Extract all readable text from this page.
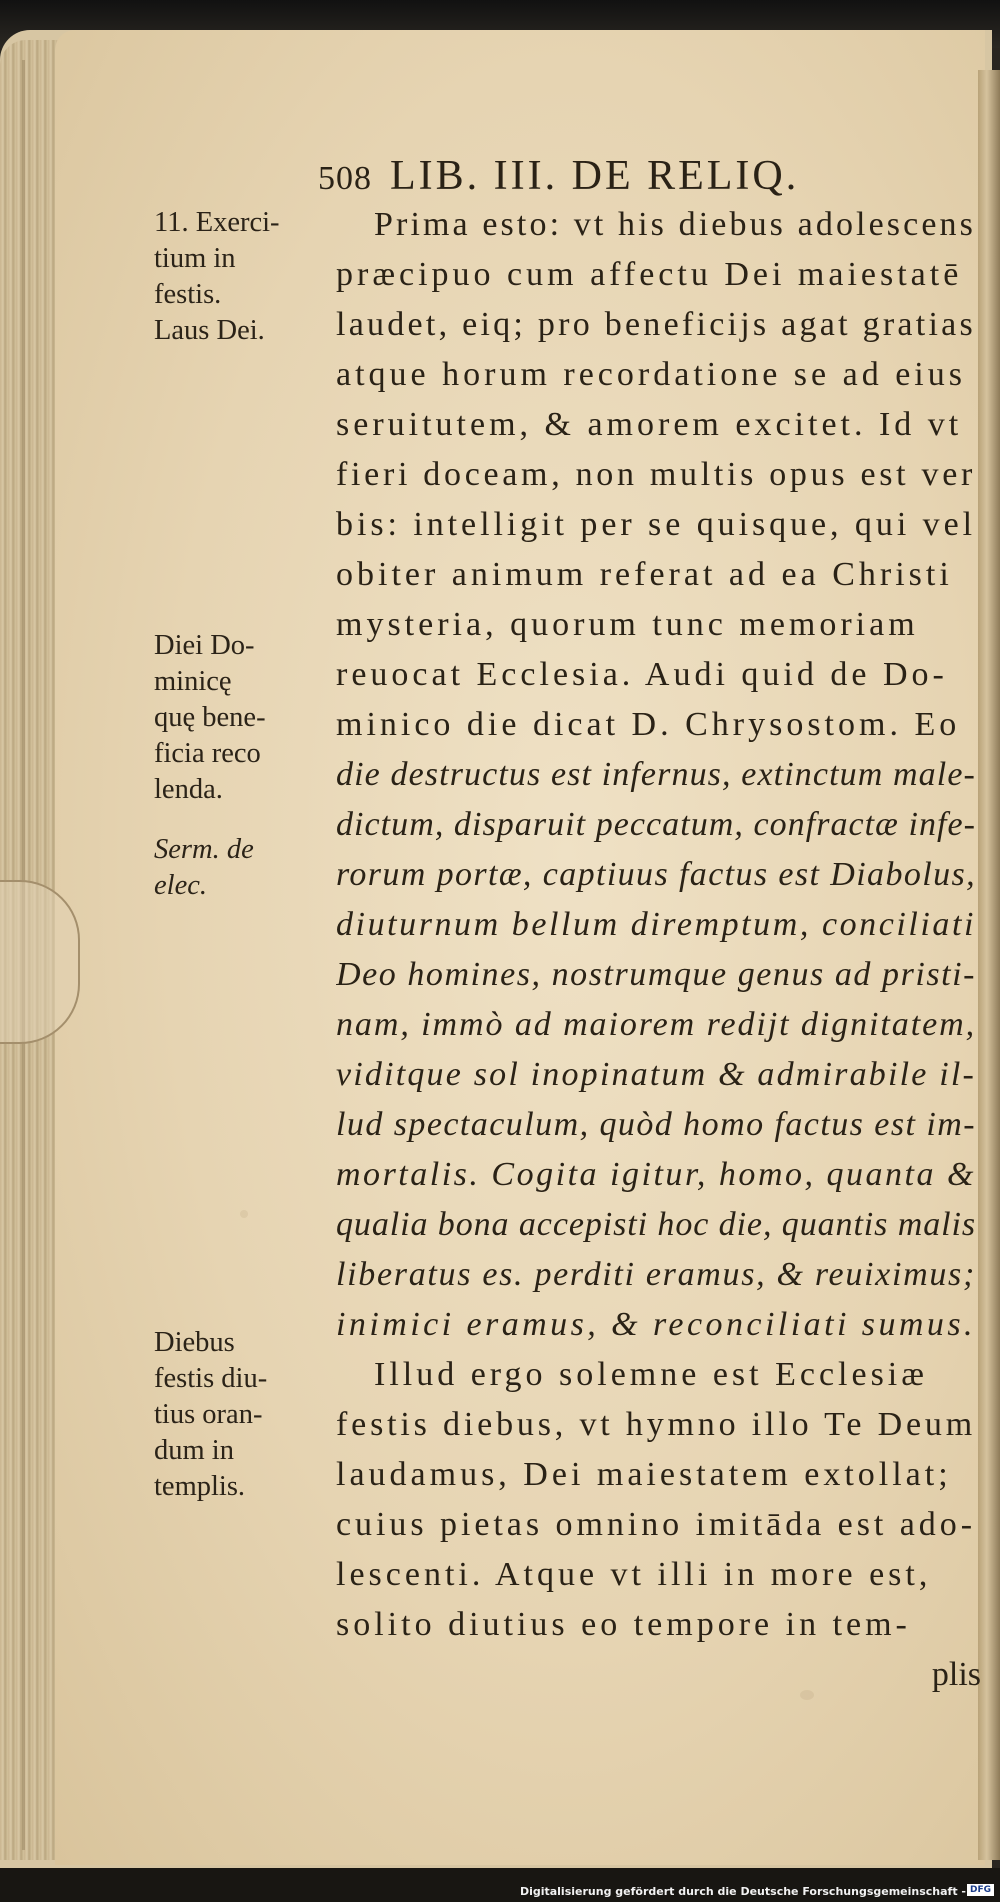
508 LIB. III. DE RELIQ.
11. Exerci-
tium in
festis.
Laus Dei.
Diei Do-
minicę
quę bene-
ficia reco
lenda.
Serm. de
elec.
Diebus
festis diu-
tius oran-
dum in
templis.
Prima esto: vt his diebus adolescens
præcipuo cum affectu Dei maiestatē
laudet, eiq; pro beneficijs agat gratias
atque horum recordatione se ad eius
seruitutem, & amorem excitet. Id vt
fieri doceam, non multis opus est ver
bis: intelligit per se quisque, qui vel
obiter animum referat ad ea Christi
mysteria, quorum tunc memoriam
reuocat Ecclesia. Audi quid de Do-
minico die dicat D. Chrysostom. Eo
die destructus est infernus, extinctum male-
dictum, disparuit peccatum, confractæ infe-
rorum portæ, captiuus factus est Diabolus,
diuturnum bellum diremptum, conciliati
Deo homines, nostrumque genus ad pristi-
nam, immò ad maiorem redijt dignitatem,
viditque sol inopinatum & admirabile il-
lud spectaculum, quòd homo factus est im-
mortalis. Cogita igitur, homo, quanta &
qualia bona accepisti hoc die, quantis malis
liberatus es. perditi eramus, & reuiximus;
inimici eramus, & reconciliati sumus.
Illud ergo solemne est Ecclesiæ
festis diebus, vt hymno illo Te Deum
laudamus, Dei maiestatem extollat;
cuius pietas omnino imitāda est ado-
lescenti. Atque vt illi in more est,
solito diutius eo tempore in tem-
plis
Digitalisierung gefördert durch die Deutsche Forschungsgemeinschaft - DFG
